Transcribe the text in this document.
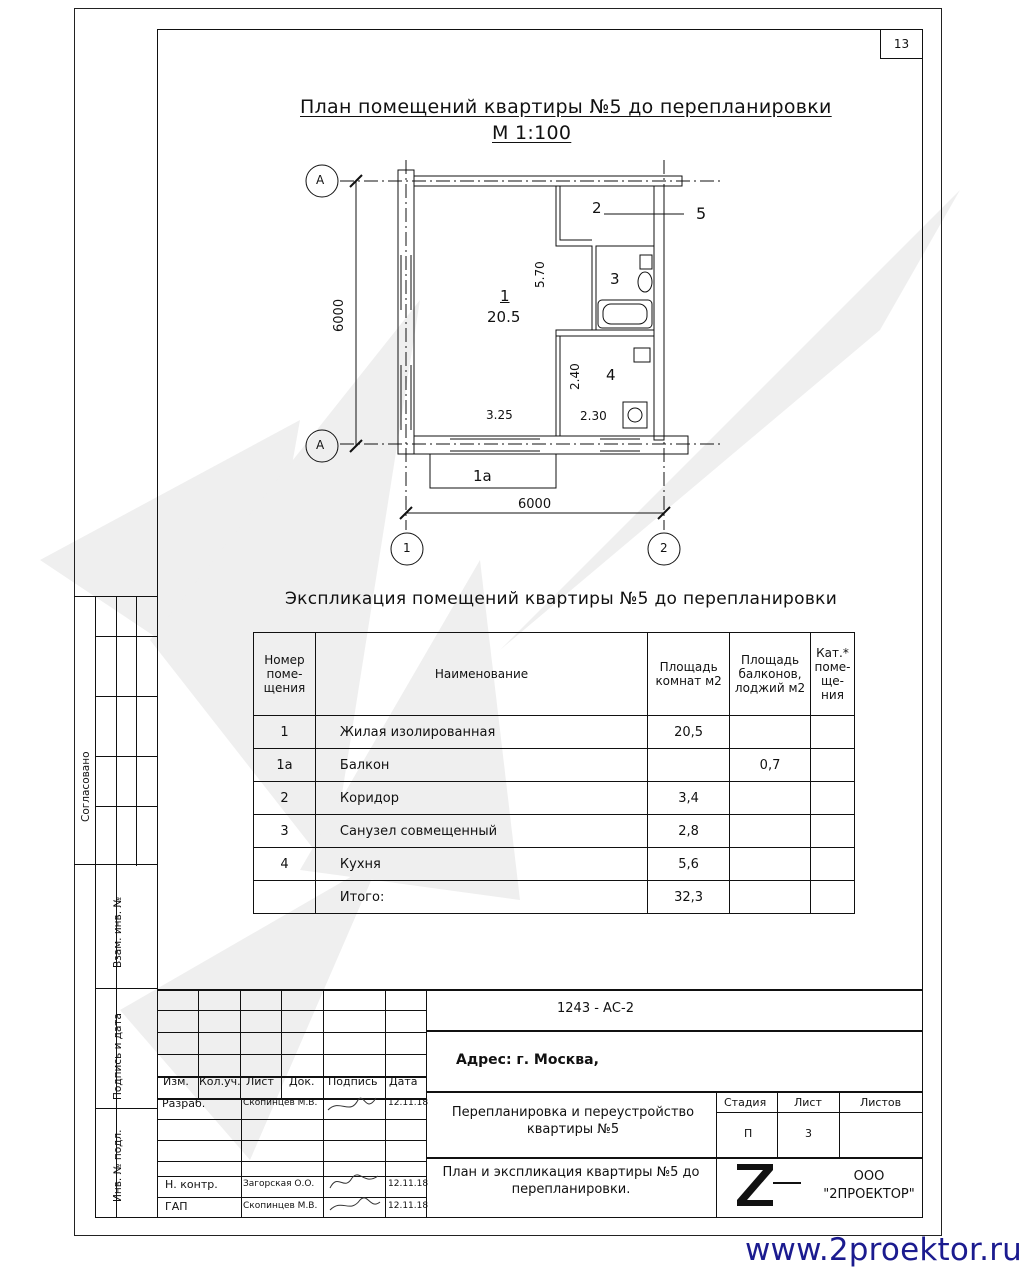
13
Согласовано
Взам. инв. №
Подпись и дата
Инв. № подл.
План помещений квартиры №5 до перепланировки
М 1:100
А
А
1	2
6000
6000
1
20.5
5.70
3.25
1а
2
3
4
2.40
2.30
5
Экспликация помещений квартиры №5 до перепланировки
Номер поме- щения	Наименование	Площадь комнат м2	Площадь балконов, лоджий м2	Кат.* поме- ще- ния
1	Жилая изолированная	20,5		
1а	Балкон		0,7	
2	Коридор	3,4		
3	Санузел совмещенный	2,8		
4	Кухня	5,6		
	Итого:	32,3		
1243 - АС-2
Адрес: г. Москва,
Изм. Кол.уч. Лист Док. Подпись Дата
Разраб.	Скопинцев М.В.	12.11.18
Н. контр.	Загорская О.О.	12.11.18
ГАП	Скопинцев М.В.	12.11.18
Перепланировка и переустройство квартиры №5
План и экспликация квартиры №5 до перепланировки.
Стадия	Лист	Листов
П	3
ООО "2ПРОЕКТОР"
www.2proektor.ru
